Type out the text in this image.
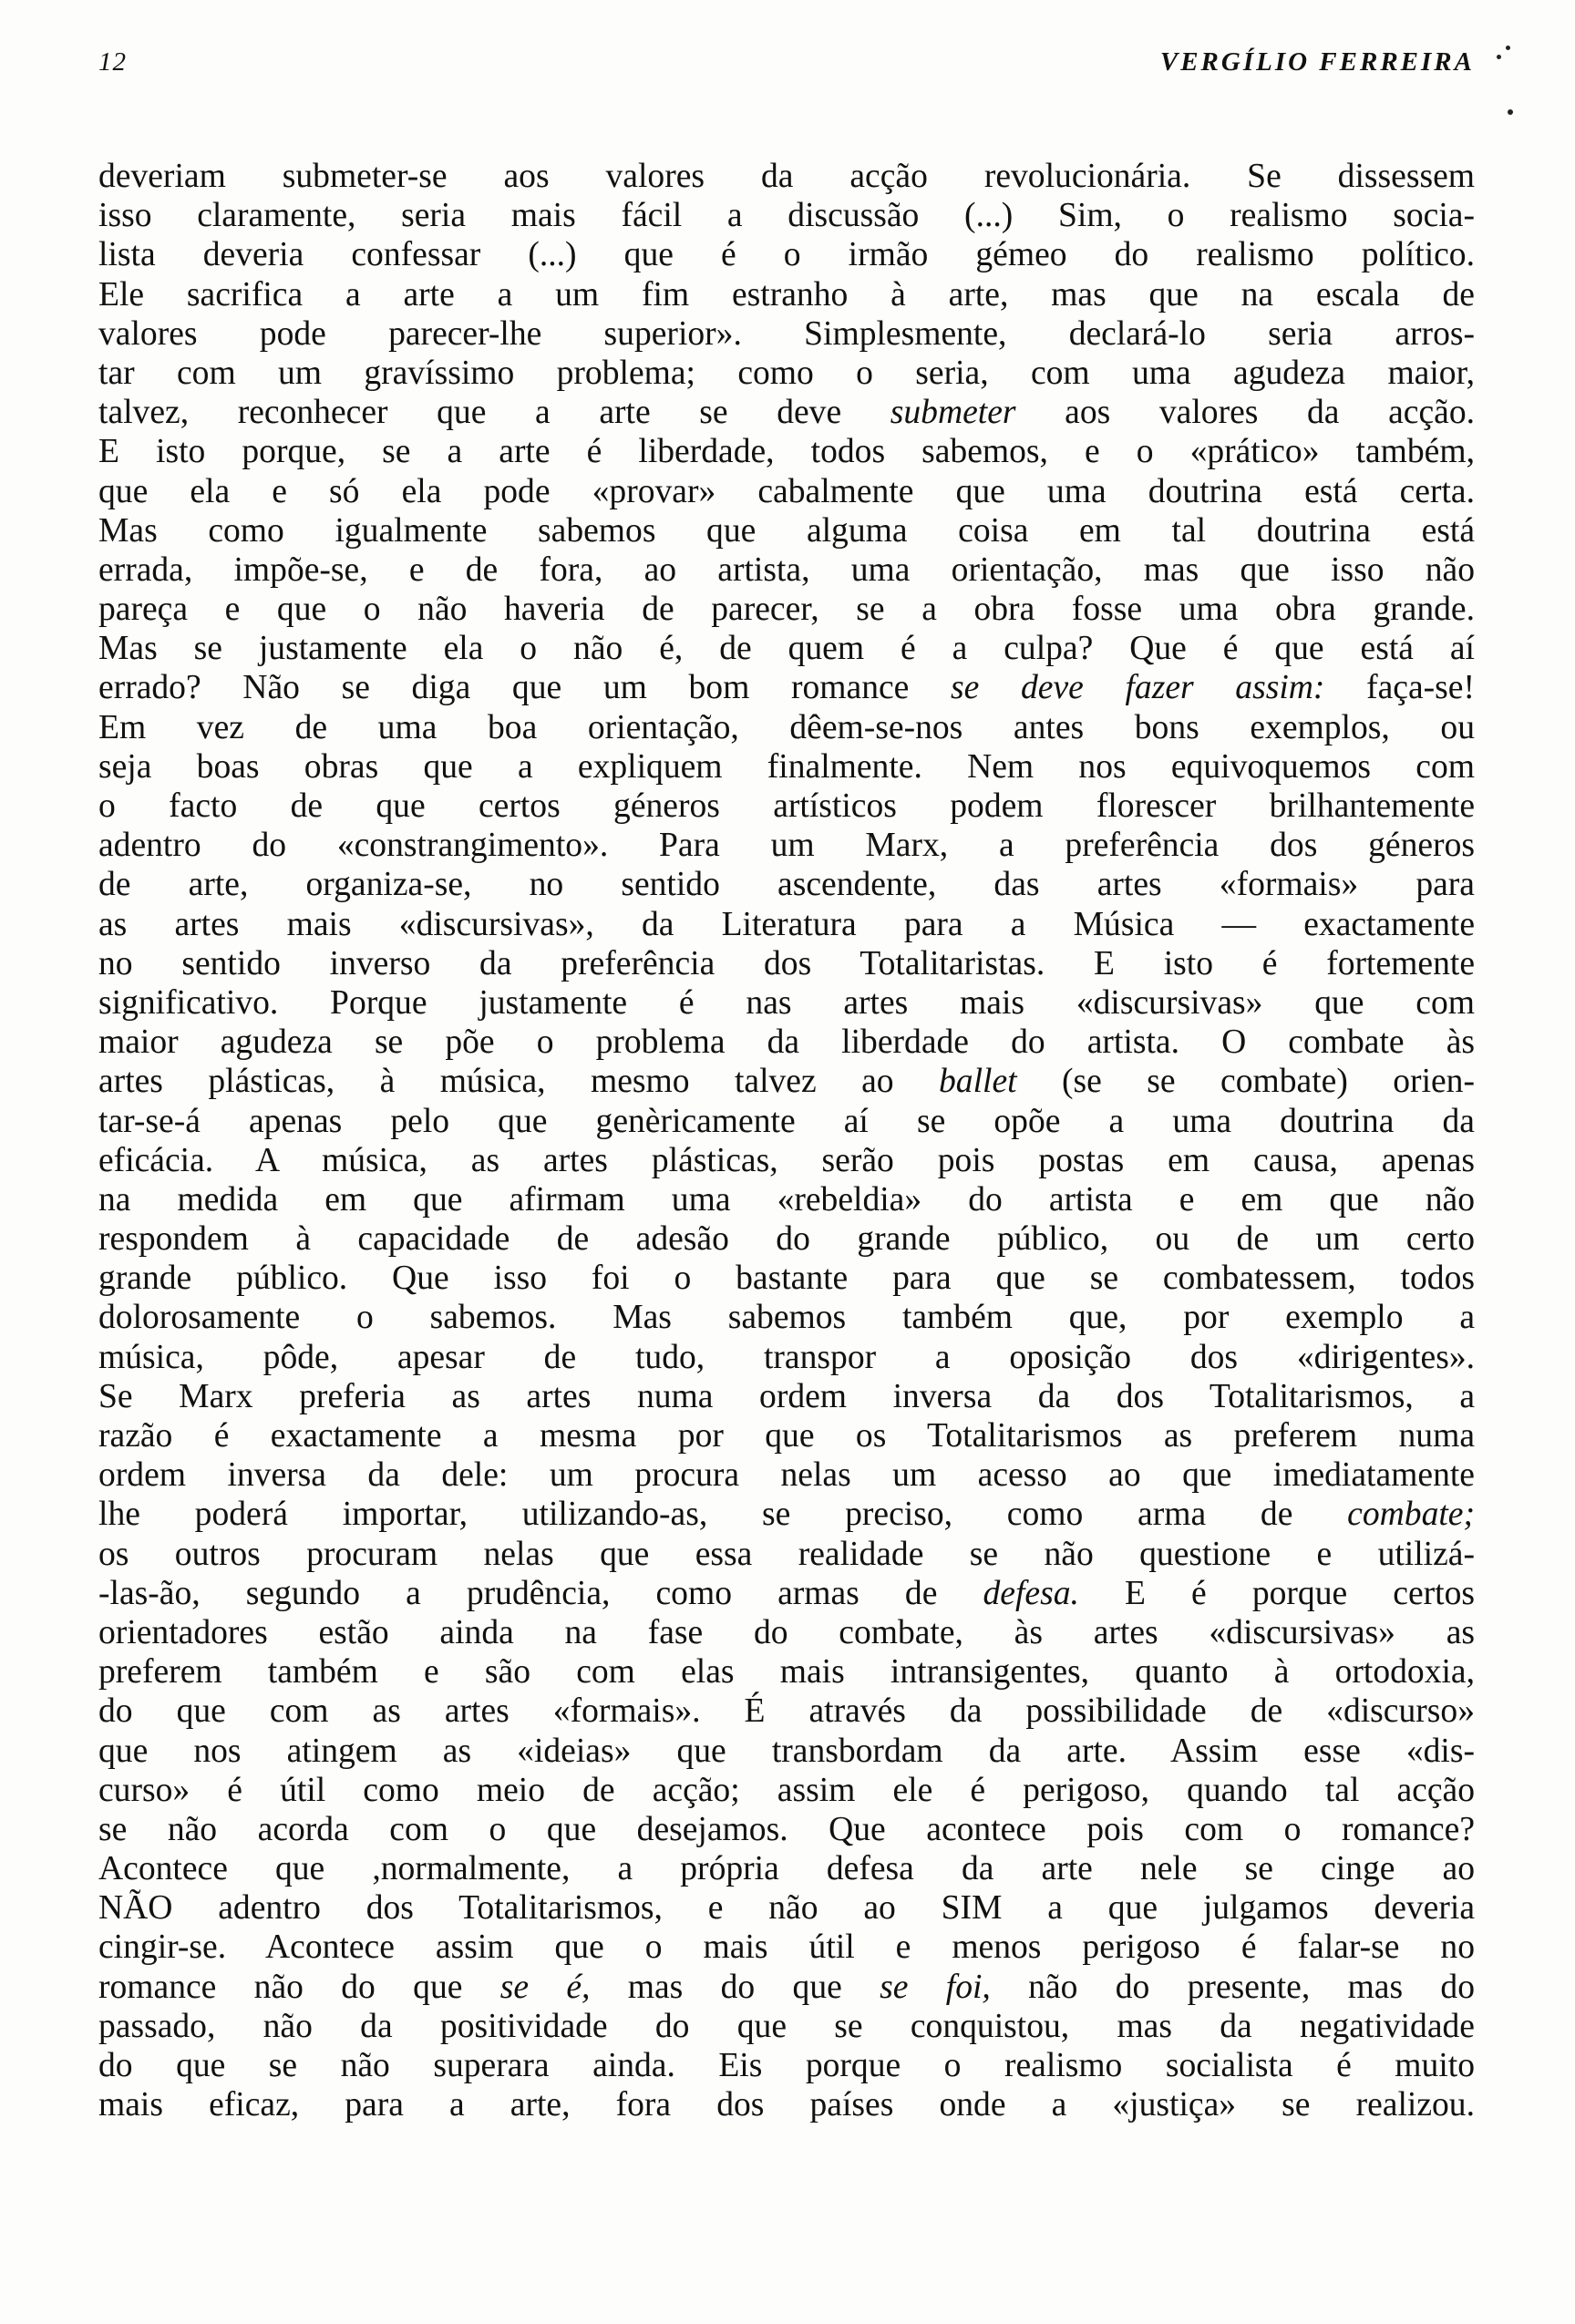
12	VERGÍLIO FERREIRA
deveriam submeter-se aos valores da acção revolucionária. Se dissessem
isso claramente, seria mais fácil a discussão (...) Sim, o realismo socia-
lista deveria confessar (...) que é o irmão gémeo do realismo político.
Ele sacrifica a arte a um fim estranho à arte, mas que na escala de
valores pode parecer-lhe superior». Simplesmente, declará-lo seria arros-
tar com um gravíssimo problema; como o seria, com uma agudeza maior,
talvez, reconhecer que a arte se deve submeter aos valores da acção.
E isto porque, se a arte é liberdade, todos sabemos, e o «prático» também,
que ela e só ela pode «provar» cabalmente que uma doutrina está certa.
Mas como igualmente sabemos que alguma coisa em tal doutrina está
errada, impõe-se, e de fora, ao artista, uma orientação, mas que isso não
pareça e que o não haveria de parecer, se a obra fosse uma obra grande.
Mas se justamente ela o não é, de quem é a culpa? Que é que está aí
errado? Não se diga que um bom romance se deve fazer assim: faça-se!
Em vez de uma boa orientação, dêem-se-nos antes bons exemplos, ou
seja boas obras que a expliquem finalmente. Nem nos equivoquemos com
o facto de que certos géneros artísticos podem florescer brilhantemente
adentro do «constrangimento». Para um Marx, a preferência dos géneros
de arte, organiza-se, no sentido ascendente, das artes «formais» para
as artes mais «discursivas», da Literatura para a Música — exactamente
no sentido inverso da preferência dos Totalitaristas. E isto é fortemente
significativo. Porque justamente é nas artes mais «discursivas» que com
maior agudeza se põe o problema da liberdade do artista. O combate às
artes plásticas, à música, mesmo talvez ao ballet (se se combate) orien-
tar-se-á apenas pelo que genèricamente aí se opõe a uma doutrina da
eficácia. A música, as artes plásticas, serão pois postas em causa, apenas
na medida em que afirmam uma «rebeldia» do artista e em que não
respondem à capacidade de adesão do grande público, ou de um certo
grande público. Que isso foi o bastante para que se combatessem, todos
dolorosamente o sabemos. Mas sabemos também que, por exemplo a
música, pôde, apesar de tudo, transpor a oposição dos «dirigentes».
Se Marx preferia as artes numa ordem inversa da dos Totalitarismos, a
razão é exactamente a mesma por que os Totalitarismos as preferem numa
ordem inversa da dele: um procura nelas um acesso ao que imediatamente
lhe poderá importar, utilizando-as, se preciso, como arma de combate;
os outros procuram nelas que essa realidade se não questione e utilizá-
-las-ão, segundo a prudência, como armas de defesa. E é porque certos
orientadores estão ainda na fase do combate, às artes «discursivas» as
preferem também e são com elas mais intransigentes, quanto à ortodoxia,
do que com as artes «formais». É através da possibilidade de «discurso»
que nos atingem as «ideias» que transbordam da arte. Assim esse «dis-
curso» é útil como meio de acção; assim ele é perigoso, quando tal acção
se não acorda com o que desejamos. Que acontece pois com o romance?
Acontece que ,normalmente, a própria defesa da arte nele se cinge ao
NÃO adentro dos Totalitarismos, e não ao SIM a que julgamos deveria
cingir-se. Acontece assim que o mais útil e menos perigoso é falar-se no
romance não do que se é, mas do que se foi, não do presente, mas do
passado, não da positividade do que se conquistou, mas da negatividade
do que se não superara ainda. Eis porque o realismo socialista é muito
mais eficaz, para a arte, fora dos países onde a «justiça» se realizou.
